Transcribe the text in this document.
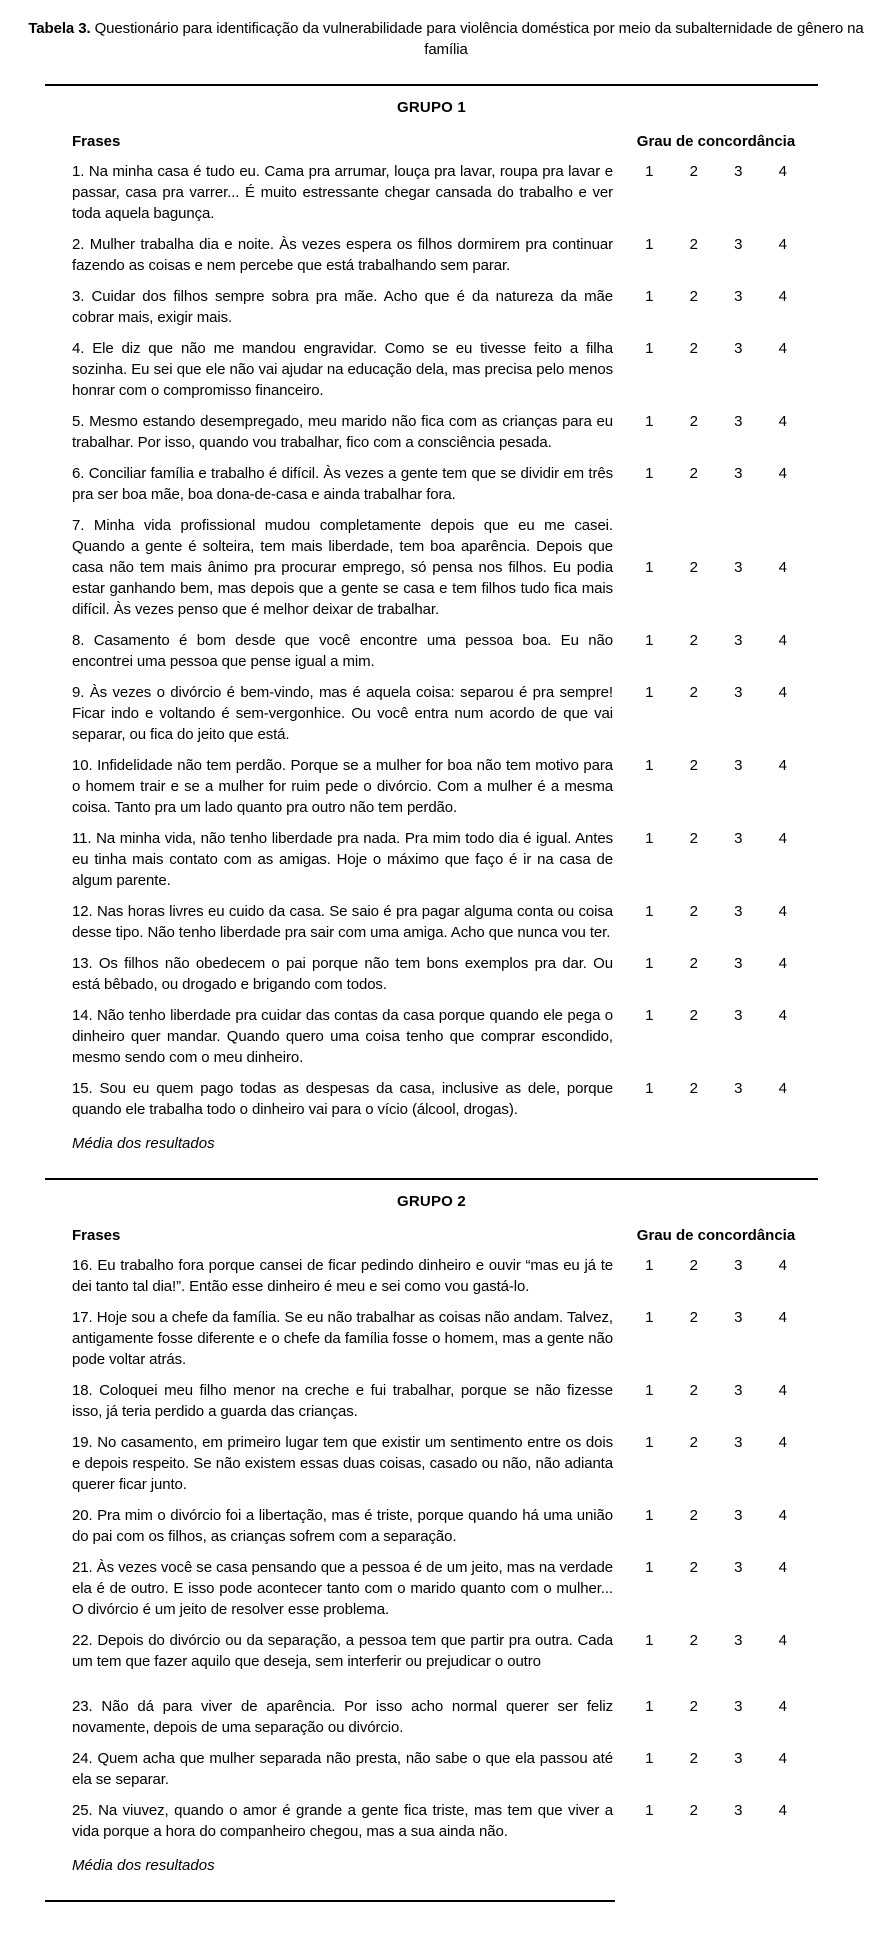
Tabela 3. Questionário para identificação da vulnerabilidade para violência doméstica por meio da subalternidade de gênero na família
GRUPO 1
Frases	Grau de concordância
1. Na minha casa é tudo eu. Cama pra arrumar, louça pra lavar, roupa pra lavar e passar, casa pra varrer... É muito estressante chegar cansada do trabalho e ver toda aquela bagunça.
1	2	3	4
2. Mulher trabalha dia e noite. Às vezes espera os filhos dormirem pra continuar fazendo as coisas e nem percebe que está trabalhando sem parar.
1	2	3	4
3. Cuidar dos filhos sempre sobra pra mãe. Acho que é da natureza da mãe cobrar mais, exigir mais.
1	2	3	4
4. Ele diz que não me mandou engravidar. Como se eu tivesse feito a filha sozinha. Eu sei que ele não vai ajudar na educação dela, mas precisa pelo menos honrar com o compromisso financeiro.
1	2	3	4
5. Mesmo estando desempregado, meu marido não fica com as crianças para eu trabalhar. Por isso, quando vou trabalhar, fico com a consciência pesada.
1	2	3	4
6. Conciliar família e trabalho é difícil. Às vezes a gente tem que se dividir em três pra ser boa mãe, boa dona-de-casa e ainda trabalhar fora.
1	2	3	4
7. Minha vida profissional mudou completamente depois que eu me casei. Quando a gente é solteira, tem mais liberdade, tem boa aparência. Depois que casa não tem mais ânimo pra procurar emprego, só pensa nos filhos. Eu podia estar ganhando bem, mas depois que a gente se casa e tem filhos tudo fica mais difícil. Às vezes penso que é melhor deixar de trabalhar.
1	2	3	4
8. Casamento é bom desde que você encontre uma pessoa boa. Eu não encontrei uma pessoa que pense igual a mim.
1	2	3	4
9. Às vezes o divórcio é bem-vindo, mas é aquela coisa: separou é pra sempre! Ficar indo e voltando é sem-vergonhice. Ou você entra num acordo de que vai separar, ou fica do jeito que está.
1	2	3	4
10. Infidelidade não tem perdão. Porque se a mulher for boa não tem motivo para o homem trair e se a mulher for ruim pede o divórcio. Com a mulher é a mesma coisa. Tanto pra um lado quanto pra outro não tem perdão.
1	2	3	4
11. Na minha vida, não tenho liberdade pra nada. Pra mim todo dia é igual. Antes eu tinha mais contato com as amigas. Hoje o máximo que faço é ir na casa de algum parente.
1	2	3	4
12. Nas horas livres eu cuido da casa. Se saio é pra pagar alguma conta ou coisa desse tipo. Não tenho liberdade pra sair com uma amiga. Acho que nunca vou ter.
1	2	3	4
13. Os filhos não obedecem o pai porque não tem bons exemplos pra dar. Ou está bêbado, ou drogado e brigando com todos.
1	2	3	4
14. Não tenho liberdade pra cuidar das contas da casa porque quando ele pega o dinheiro quer mandar. Quando quero uma coisa tenho que comprar escondido, mesmo sendo com o meu dinheiro.
1	2	3	4
15. Sou eu quem pago todas as despesas da casa, inclusive as dele, porque quando ele trabalha todo o dinheiro vai para o vício (álcool, drogas).
1	2	3	4
Média dos resultados
GRUPO 2
Frases	Grau de concordância
16. Eu trabalho fora porque cansei de ficar pedindo dinheiro e ouvir “mas eu já te dei tanto tal dia!”. Então esse dinheiro é meu e sei como vou gastá-lo.
1	2	3	4
17. Hoje sou a chefe da família. Se eu não trabalhar as coisas não andam. Talvez, antigamente fosse diferente e o chefe da família fosse o homem, mas a gente não pode voltar atrás.
1	2	3	4
18. Coloquei meu filho menor na creche e fui trabalhar, porque se não fizesse isso, já teria perdido a guarda das crianças.
1	2	3	4
19. No casamento, em primeiro lugar tem que existir um sentimento entre os dois e depois respeito. Se não existem essas duas coisas, casado ou não, não adianta querer ficar junto.
1	2	3	4
20. Pra mim o divórcio foi a libertação, mas é triste, porque quando há uma união do pai com os filhos, as crianças sofrem com a separação.
1	2	3	4
21. Às vezes você se casa pensando que a pessoa é de um jeito, mas na verdade ela é de outro. E isso pode acontecer tanto com o marido quanto com o mulher... O divórcio é um jeito de resolver esse problema.
1	2	3	4
22. Depois do divórcio ou da separação, a pessoa tem que partir pra outra. Cada um tem que fazer aquilo que deseja, sem interferir ou prejudicar o outro
1	2	3	4
23. Não dá para viver de aparência. Por isso acho normal querer ser feliz novamente, depois de uma separação ou divórcio.
1	2	3	4
24. Quem acha que mulher separada não presta, não sabe o que ela passou até ela se separar.
1	2	3	4
25. Na viuvez, quando o amor é grande a gente fica triste, mas tem que viver a vida porque a hora do companheiro chegou, mas a sua ainda não.
1	2	3	4
Média dos resultados
